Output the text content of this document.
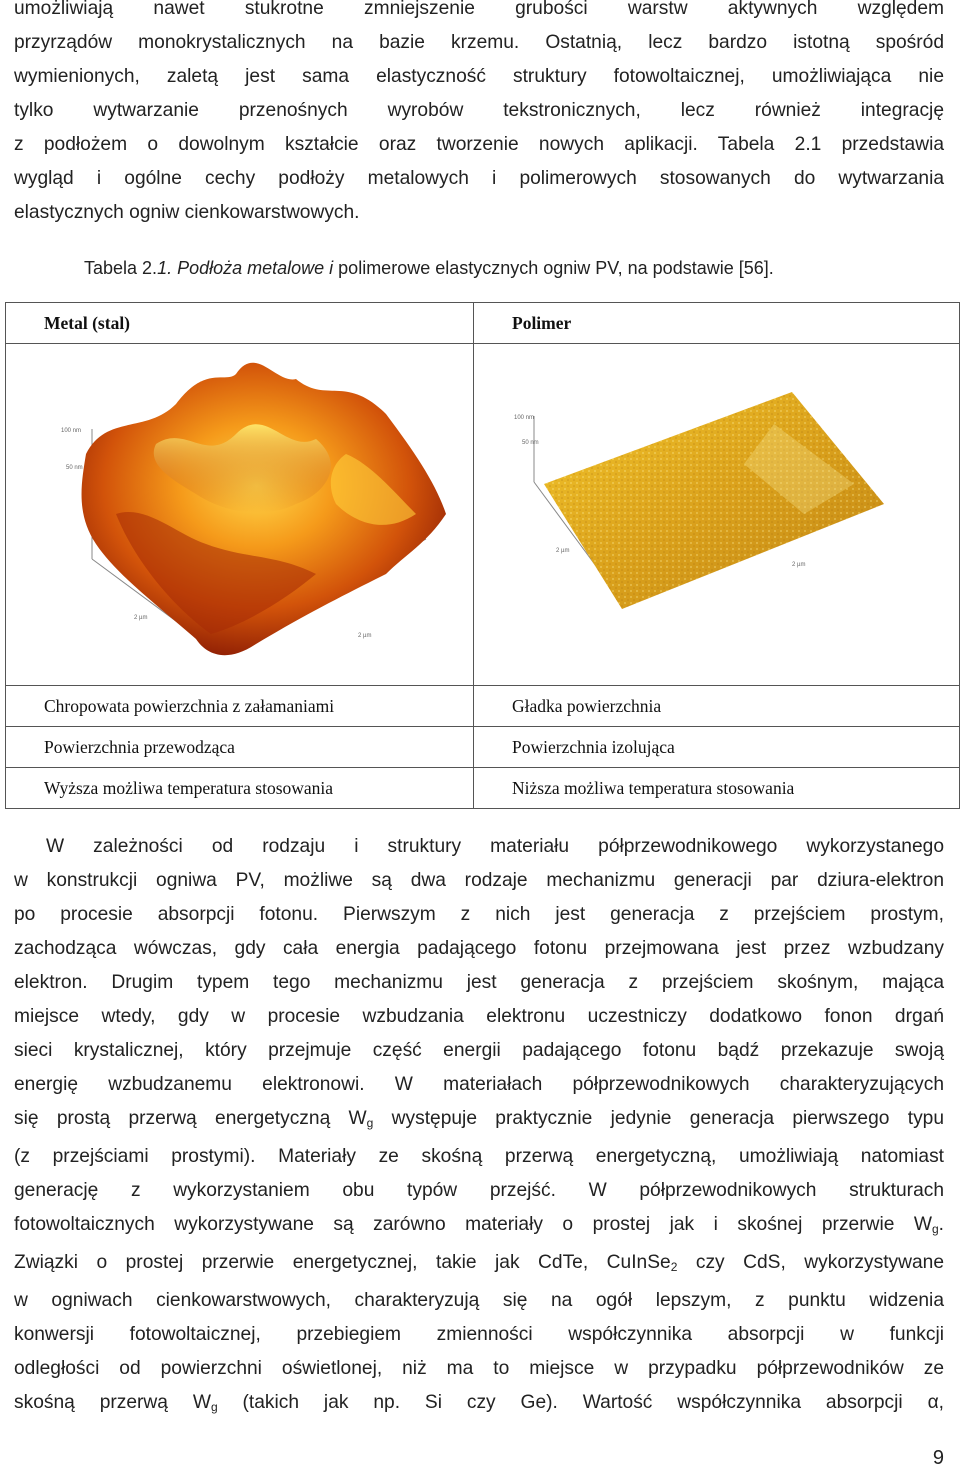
umożliwiają nawet stukrotne zmniejszenie grubości warstw aktywnych względem

przyrządów monokrystalicznych na bazie krzemu. Ostatnią, lecz bardzo istotną spośród

wymienionych, zaletą jest sama elastyczność struktury fotowoltaicznej, umożliwiająca nie

tylko wytwarzanie przenośnych wyrobów tekstronicznych, lecz również integrację

z podłożem o dowolnym kształcie oraz tworzenie nowych aplikacji. Tabela 2.1 przedstawia

wygląd i ogólne cechy podłoży metalowych i polimerowych stosowanych do wytwarzania

elastycznych ogniw cienkowarstwowych.

Tabela 2.1. Podłoża metalowe i polimerowe elastycznych ogniw PV, na podstawie [56].
Metal (stal)	Polimer

100 nm
50 nm
2 µm
2 µm	100 nm
50 nm
2 µm
2 µm

Chropowata powierzchnia z załamaniami	Gładka powierzchnia
Powierzchnia przewodząca	Powierzchnia izolująca
Wyższa możliwa temperatura stosowania	Niższa możliwa temperatura stosowania

W zależności od rodzaju i struktury materiału półprzewodnikowego wykorzystanego

w konstrukcji ogniwa PV, możliwe są dwa rodzaje mechanizmu generacji par dziura-elektron

po procesie absorpcji fotonu. Pierwszym z nich jest generacja z przejściem prostym,

zachodząca wówczas, gdy cała energia padającego fotonu przejmowana jest przez wzbudzany

elektron. Drugim typem tego mechanizmu jest generacja z przejściem skośnym, mająca

miejsce wtedy, gdy w procesie wzbudzania elektronu uczestniczy dodatkowo fonon drgań

sieci krystalicznej, który przejmuje część energii padającego fotonu bądź przekazuje swoją

energię wzbudzanemu elektronowi. W materiałach półprzewodnikowych charakteryzujących

się prostą przerwą energetyczną $W_g$ występuje praktycznie jedynie generacja pierwszego typu

(z przejściami prostymi). Materiały ze skośną przerwą energetyczną, umożliwiają natomiast

generację z wykorzystaniem obu typów przejść. W półprzewodnikowych strukturach

fotowoltaicznych wykorzystywane są zarówno materiały o prostej jak i skośnej przerwie $W_g$.

Związki o prostej przerwie energetycznej, takie jak CdTe, CuInSe$_2$ czy CdS, wykorzystywane

w ogniwach cienkowarstwowych, charakteryzują się na ogół lepszym, z punktu widzenia

konwersji fotowoltaicznej, przebiegiem zmienności współczynnika absorpcji w funkcji

odległości od powierzchni oświetlonej, niż ma to miejsce w przypadku półprzewodników ze

skośną przerwą $W_g$ (takich jak np. Si czy Ge). Wartość współczynnika absorpcji α,

9
